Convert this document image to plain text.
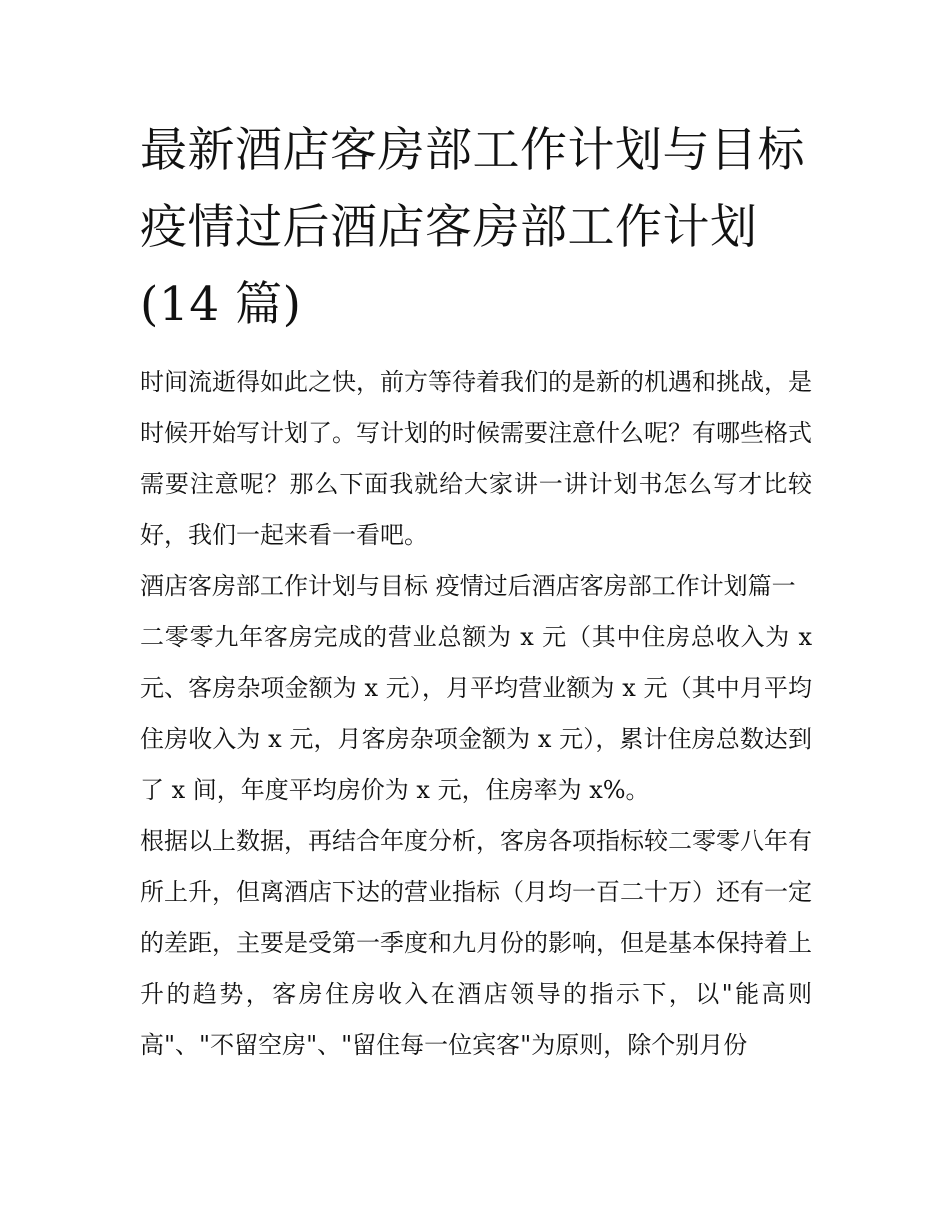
最新酒店客房部工作计划与目标 疫情过后酒店客房部工作计划(14 篇)

时间流逝得如此之快，前方等待着我们的是新的机遇和挑战，是时候开始写计划了。写计划的时候需要注意什么呢？有哪些格式需要注意呢？那么下面我就给大家讲一讲计划书怎么写才比较好，我们一起来看一看吧。

酒店客房部工作计划与目标 疫情过后酒店客房部工作计划篇一

二零零九年客房完成的营业总额为 x 元（其中住房总收入为 x 元、客房杂项金额为 x 元），月平均营业额为 x 元（其中月平均住房收入为 x 元，月客房杂项金额为 x 元），累计住房总数达到了 x 间，年度平均房价为 x 元，住房率为 x%。

根据以上数据，再结合年度分析，客房各项指标较二零零八年有所上升，但离酒店下达的营业指标（月均一百二十万）还有一定的差距，主要是受第一季度和九月份的影响，但是基本保持着上升的趋势，客房住房收入在酒店领导的指示下，以"能高则高"、"不留空房"、"留住每一位宾客"为原则，除个别月份
